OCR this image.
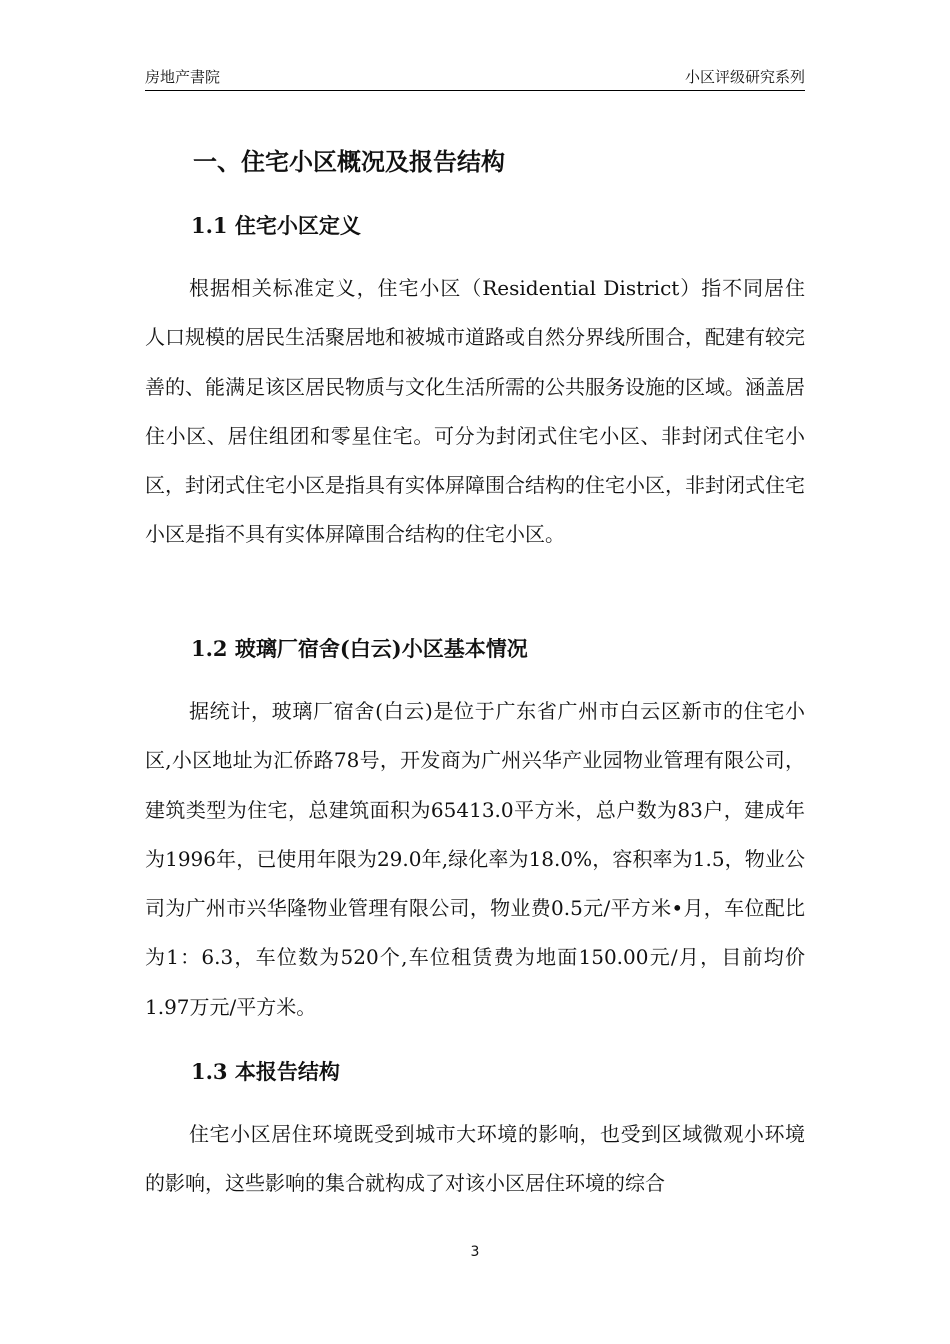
房地产書院	小区评级研究系列
一、住宅小区概况及报告结构
1.1 住宅小区定义

根据相关标准定义，住宅小区（Residential District）指不同居住人口规模的居民生活聚居地和被城市道路或自然分界线所围合，配建有较完善的、能满足该区居民物质与文化生活所需的公共服务设施的区域。涵盖居住小区、居住组团和零星住宅。可分为封闭式住宅小区、非封闭式住宅小区，封闭式住宅小区是指具有实体屏障围合结构的住宅小区，非封闭式住宅小区是指不具有实体屏障围合结构的住宅小区。

1.2 玻璃厂宿舍(白云)小区基本情况

据统计，玻璃厂宿舍(白云)是位于广东省广州市白云区新市的住宅小区,小区地址为汇侨路78号，开发商为广州兴华产业园物业管理有限公司，建筑类型为住宅，总建筑面积为65413.0平方米，总户数为83户，建成年为1996年，已使用年限为29.0年,绿化率为18.0%，容积率为1.5，物业公司为广州市兴华隆物业管理有限公司，物业费0.5元/平方米•月，车位配比为1：6.3，车位数为520个,车位租赁费为地面150.00元/月，目前均价1.97万元/平方米。

1.3 本报告结构

住宅小区居住环境既受到城市大环境的影响，也受到区域微观小环境的影响，这些影响的集合就构成了对该小区居住环境的综合

3
